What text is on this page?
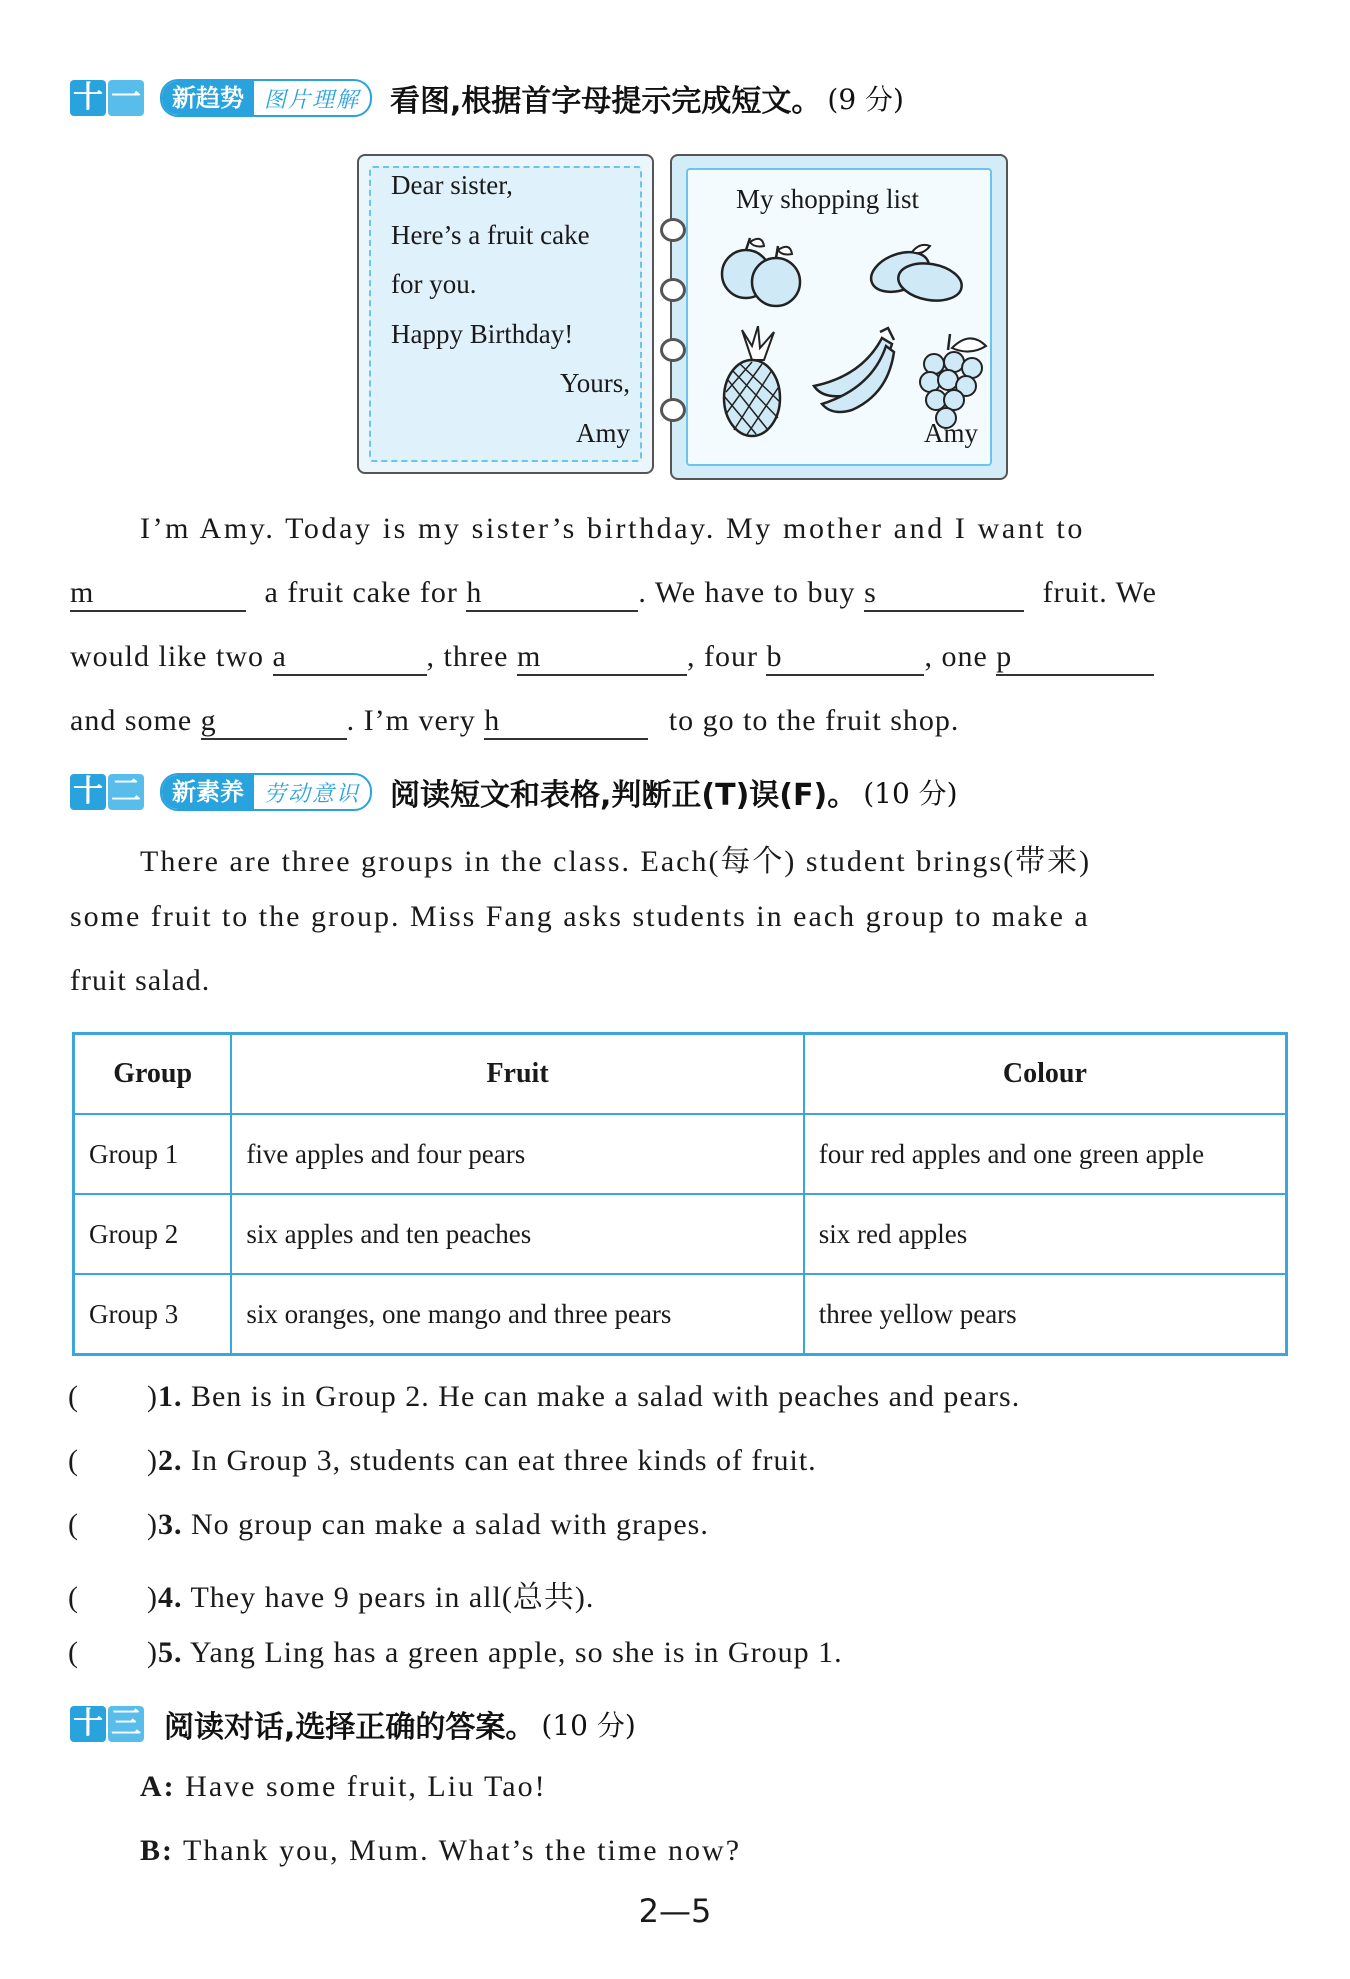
十 一	新趋势 图片理解	看图,根据首字母提示完成短文。 (9 分)
Dear sister,
Here’s a fruit cake
for you.
Happy Birthday!
Yours,
Amy
My shopping list
Amy
I’m Amy. Today is my sister’s birthday. My mother and I want to
m	a fruit cake for h	. We have to buy s	fruit. We
would like two a	, three m	, four b	, one p
and some g	. I’m very h	to go to the fruit shop.
十 二	新素养 劳动意识	阅读短文和表格,判断正(T)误(F)。 (10 分)
There are three groups in the class. Each(每个) student brings(带来)
some fruit to the group. Miss Fang asks students in each group to make a
fruit salad.
Group	Fruit	Colour
Group 1	five apples and four pears	four red apples and one green apple
Group 2	six apples and ten peaches	six red apples
Group 3	six oranges, one mango and three pears	three yellow pears
(        )1. Ben is in Group 2. He can make a salad with peaches and pears.
(        )2. In Group 3, students can eat three kinds of fruit.
(        )3. No group can make a salad with grapes.
(        )4. They have 9 pears in all(总共).
(        )5. Yang Ling has a green apple, so she is in Group 1.
十 三 阅读对话,选择正确的答案。 (10 分)
A: Have some fruit, Liu Tao!
B: Thank you, Mum. What’s the time now?
2—5
